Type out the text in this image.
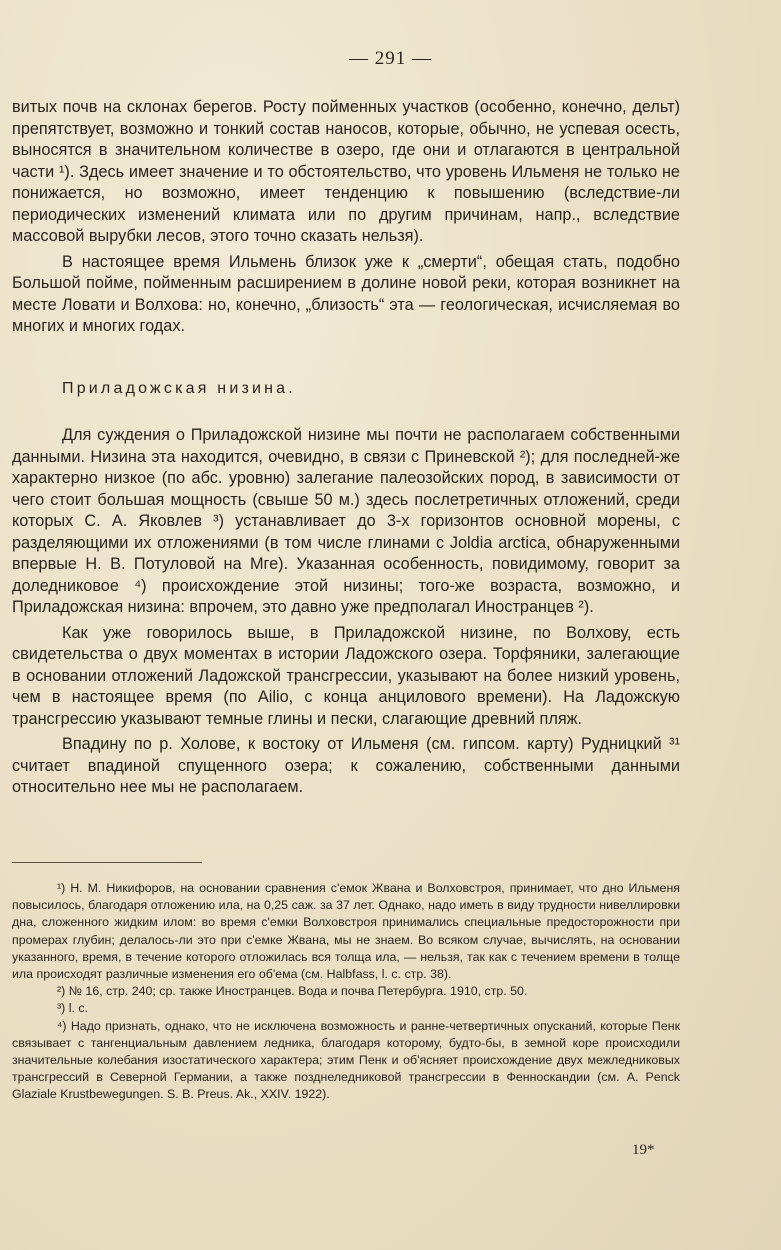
— 291 —

витых почв на склонах берегов. Росту пойменных участков (особенно, конечно, дельт) препятствует, возможно и тонкий состав наносов, которые, обычно, не успевая осесть, выносятся в значительном количестве в озеро, где они и отлагаются в центральной части ¹). Здесь имеет значение и то обстоятельство, что уровень Ильменя не только не понижается, но возможно, имеет тенденцию к повышению (вследствие-ли периодических изменений климата или по другим причинам, напр., вследствие массовой вырубки лесов, этого точно сказать нельзя).

В настоящее время Ильмень близок уже к „смерти“, обещая стать, подобно Большой пойме, пойменным расширением в долине новой реки, которая возникнет на месте Ловати и Волхова: но, конечно, „близость“ эта — геологическая, исчисляемая во многих и многих годах.

Приладожская низина.

Для суждения о Приладожской низине мы почти не располагаем собственными данными. Низина эта находится, очевидно, в связи с Приневской ²); для последней-же характерно низкое (по абс. уровню) залегание палеозойских пород, в зависимости от чего стоит большая мощность (свыше 50 м.) здесь послетретичных отложений, среди которых С. А. Яковлев ³) устанавливает до 3-х горизонтов основной морены, с разделяющими их отложениями (в том числе глинами с Joldia arctica, обнаруженными впервые Н. В. Потуловой на Мге). Указанная особенность, повидимому, говорит за доледниковое ⁴) происхождение этой низины; того-же возраста, возможно, и Приладожская низина: впрочем, это давно уже предполагал Иностранцев ²).

Как уже говорилось выше, в Приладожской низине, по Волхову, есть свидетельства о двух моментах в истории Ладожского озера. Торфяники, залегающие в основании отложений Ладожской трансгрессии, указывают на более низкий уровень, чем в настоящее время (по Ailio, с конца анцилового времени). На Ладожскую трансгрессию указывают темные глины и пески, слагающие древний пляж.

Впадину по р. Холове, к востоку от Ильменя (см. гипсом. карту) Рудницкий ³¹ считает впадиной спущенного озера; к сожалению, собственными данными относительно нее мы не располагаем.

¹) Н. М. Никифоров, на основании сравнения с'емок Жвана и Волховстроя, принимает, что дно Ильменя повысилось, благодаря отложению ила, на 0,25 саж. за 37 лет. Однако, надо иметь в виду трудности нивеллировки дна, сложенного жидким илом: во время с'емки Волховстроя принимались специальные предосторожности при промерах глубин; делалось-ли это при с'емке Жвана, мы не знаем. Во всяком случае, вычислять, на основании указанного, время, в течение которого отложилась вся толща ила, — нельзя, так как с течением времени в толще ила происходят различные изменения его об'ема (см. Halbfass, l. c. стр. 38).

²) № 16, стр. 240; ср. также Иностранцев. Вода и почва Петербурга. 1910, стр. 50.

³) l. c.

⁴) Надо признать, однако, что не исключена возможность и ранне-четвертичных опусканий, которые Пенк связывает с тангенциальным давлением ледника, благодаря которому, будто-бы, в земной коре происходили значительные колебания изостатического характера; этим Пенк и об'ясняет происхождение двух межледниковых трансгрессий в Северной Германии, а также позднеледниковой трансгрессии в Фенноскандии (см. A. Penck Glaziale Krustbewegungen. S. B. Preus. Ak., XXIV. 1922).

19*
